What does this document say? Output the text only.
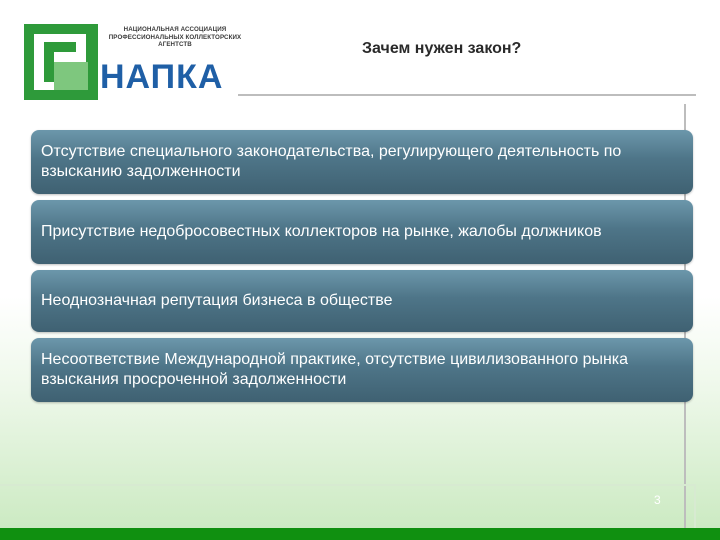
НАЦИОНАЛЬНАЯ АССОЦИАЦИЯ ПРОФЕССИОНАЛЬНЫХ КОЛЛЕКТОРСКИХ АГЕНТСТВ
НАПКА
Зачем нужен закон?
Отсутствие специального законодательства, регулирующего деятельность по взысканию задолженности
Присутствие недобросовестных коллекторов на рынке, жалобы должников
Неоднозначная репутация бизнеса в обществе
Несоответствие Международной практике, отсутствие цивилизованного рынка взыскания просроченной задолженности
3
